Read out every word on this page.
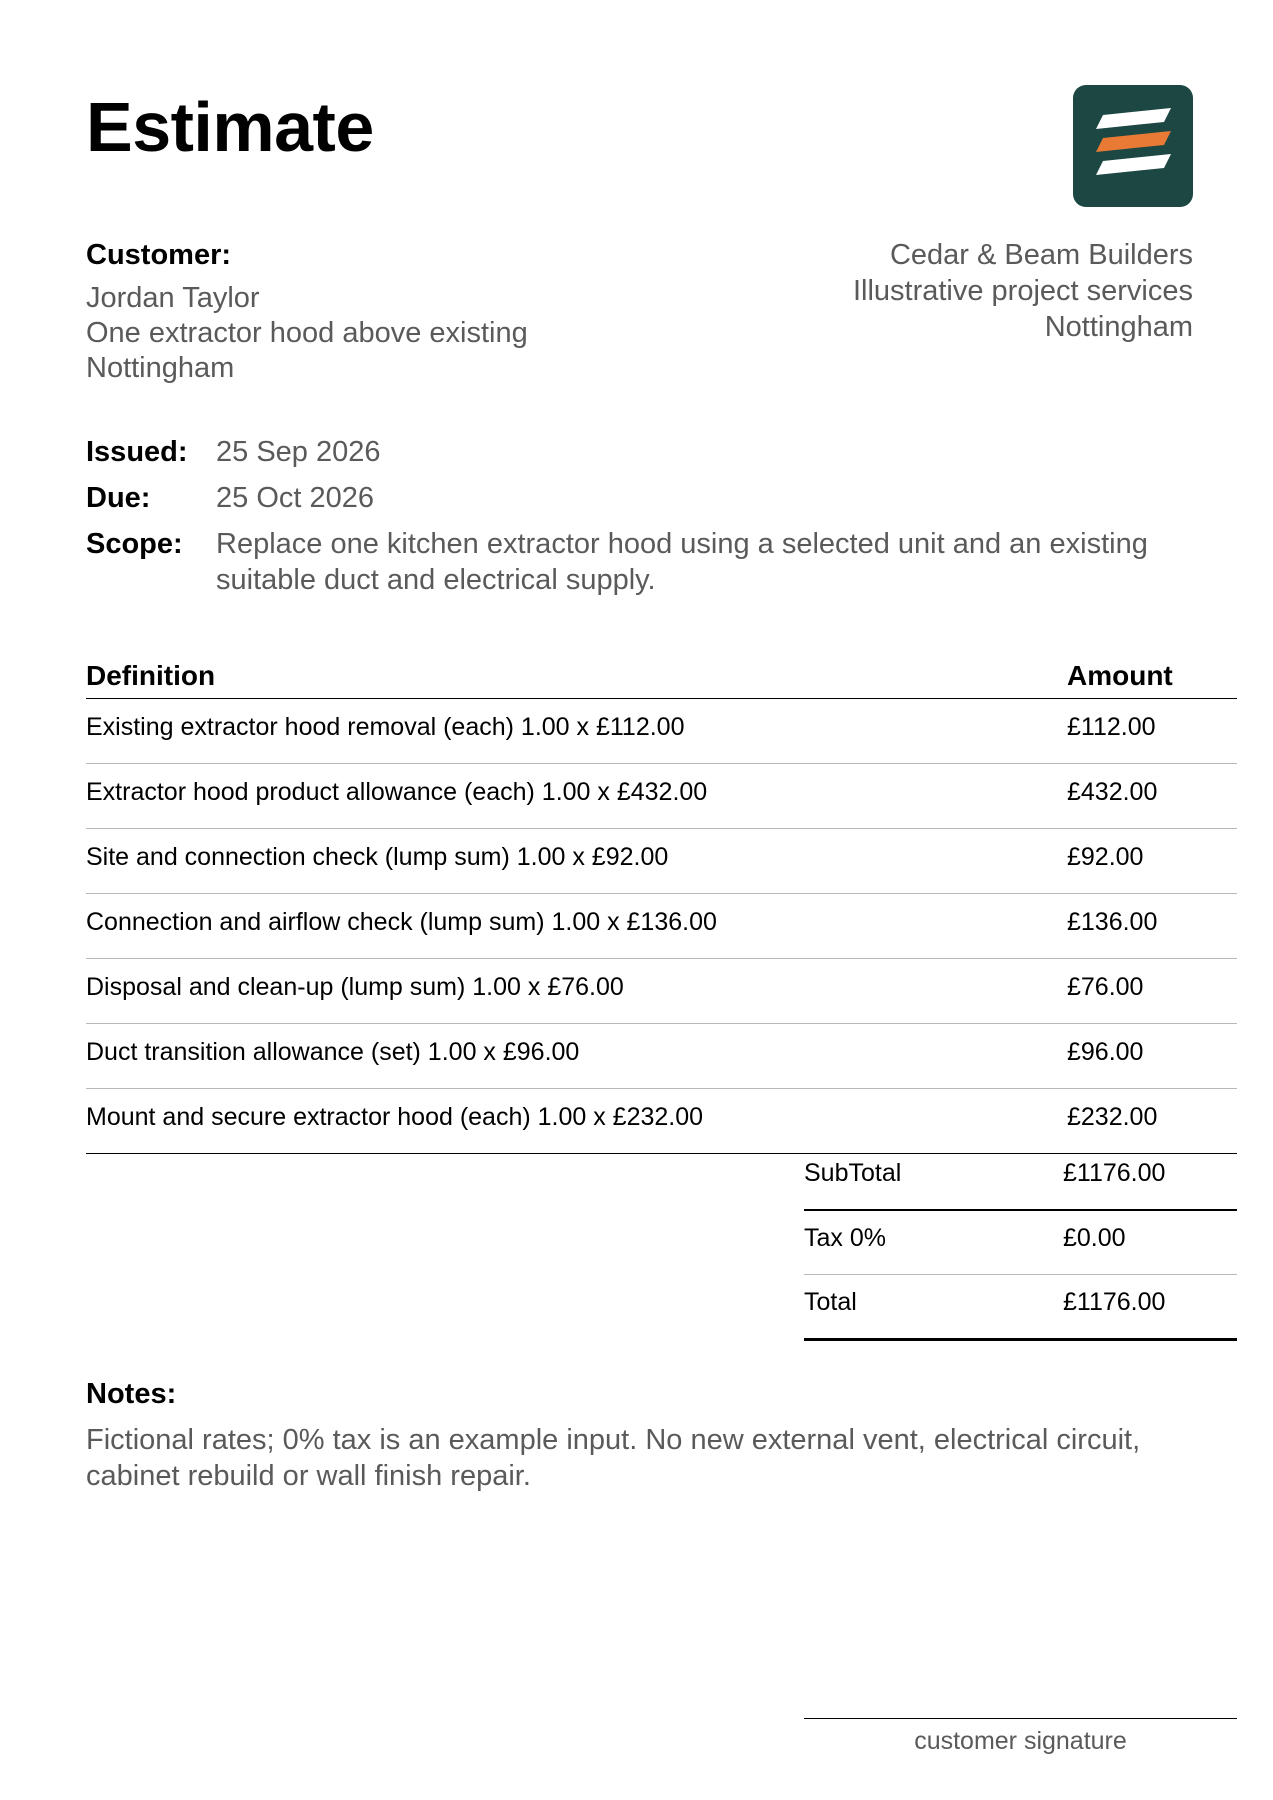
Estimate
Customer:
Jordan Taylor
One extractor hood above existing
Nottingham
Cedar & Beam Builders
Illustrative project services
Nottingham
Issued: 25 Sep 2026
Due:	25 Oct 2026
Scope:	Replace one kitchen extractor hood using a selected unit and an existing suitable duct and electrical supply.
Definition	Amount
Existing extractor hood removal (each) 1.00 x £112.00	£112.00
Extractor hood product allowance (each) 1.00 x £432.00	£432.00
Site and connection check (lump sum) 1.00 x £92.00	£92.00
Connection and airflow check (lump sum) 1.00 x £136.00	£136.00
Disposal and clean-up (lump sum) 1.00 x £76.00	£76.00
Duct transition allowance (set) 1.00 x £96.00	£96.00
Mount and secure extractor hood (each) 1.00 x £232.00	£232.00
SubTotal	£1176.00
Tax 0%	£0.00
Total	£1176.00
Notes:
Fictional rates; 0% tax is an example input. No new external vent, electrical circuit, cabinet rebuild or wall finish repair.
customer signature
